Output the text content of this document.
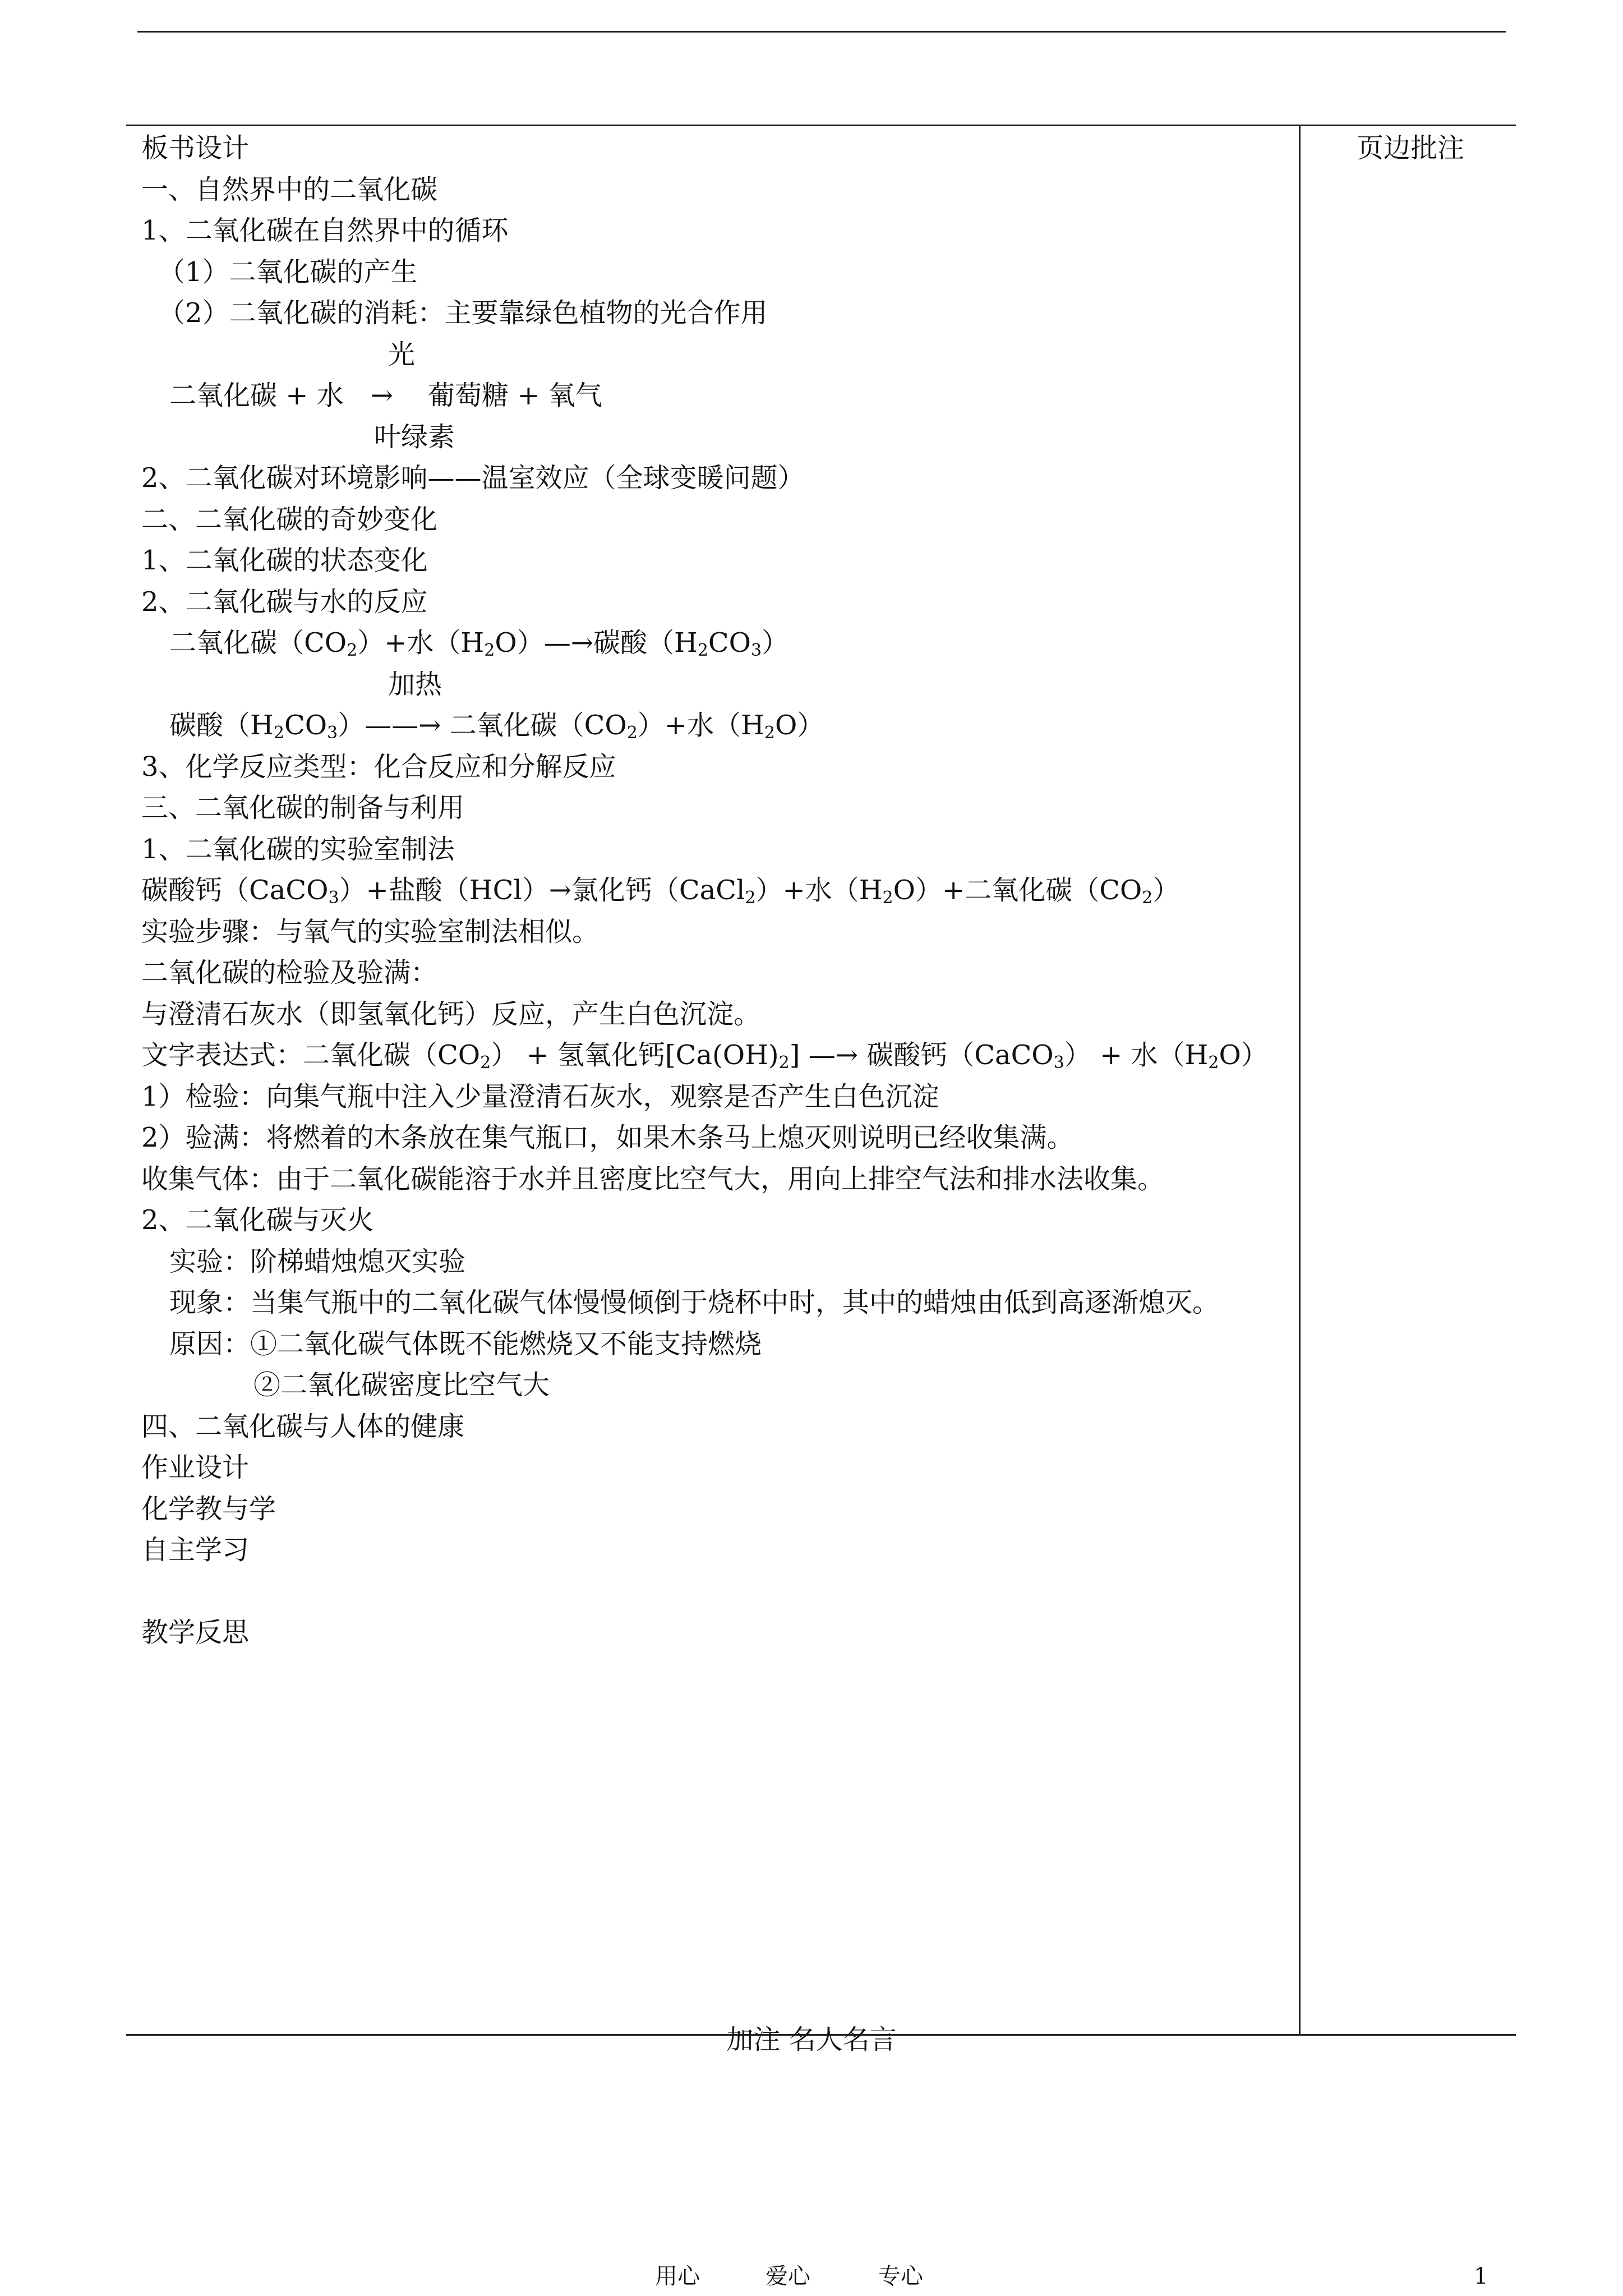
页边批注
板书设计
一、自然界中的二氧化碳
1、二氧化碳在自然界中的循环
（1）二氧化碳的产生
（2）二氧化碳的消耗：主要靠绿色植物的光合作用
光
二氧化碳 + 水 → 葡萄糖 + 氧气
叶绿素
2、二氧化碳对环境影响——温室效应（全球变暖问题）
二、二氧化碳的奇妙变化
1、二氧化碳的状态变化
2、二氧化碳与水的反应
二氧化碳$(CO_2)+$水$(H_2O)—\to$碳酸$(H_2CO_3)$
加热
碳酸$(H_2CO_3)——\to$ 二氧化碳$(CO_2)+$水$(H_2O)$
3、化学反应类型：化合反应和分解反应
三、二氧化碳的制备与利用
1、二氧化碳的实验室制法
碳酸钙（CaCO$_3$）+盐酸（HCl）→氯化钙（CaCl$_2$）+水$(H_2O)+$二氧化碳$(CO_2)$
实验步骤：与氧气的实验室制法相似。
二氧化碳的检验及验满：
与澄清石灰水（即氢氧化钙）反应，产生白色沉淀。
文字表达式：二氧化碳$(CO_2)$ + 氢氧化钙$[Ca(OH)_2]$ —→ 碳酸钙（CaCO$_3$） + 水$(H_2O)$
1）检验：向集气瓶中注入少量澄清石灰水，观察是否产生白色沉淀
2）验满：将燃着的木条放在集气瓶口，如果木条马上熄灭则说明已经收集满。
收集气体：由于二氧化碳能溶于水并且密度比空气大，用向上排空气法和排水法收集。
2、二氧化碳与灭火
实验：阶梯蜡烛熄灭实验
现象：当集气瓶中的二氧化碳气体慢慢倾倒于烧杯中时，其中的蜡烛由低到高逐渐熄灭。
原因：①二氧化碳气体既不能燃烧又不能支持燃烧
②二氧化碳密度比空气大
四、二氧化碳与人体的健康
作业设计
化学教与学
自主学习
教学反思
加注 名人名言
用心	爱心	专心	1
